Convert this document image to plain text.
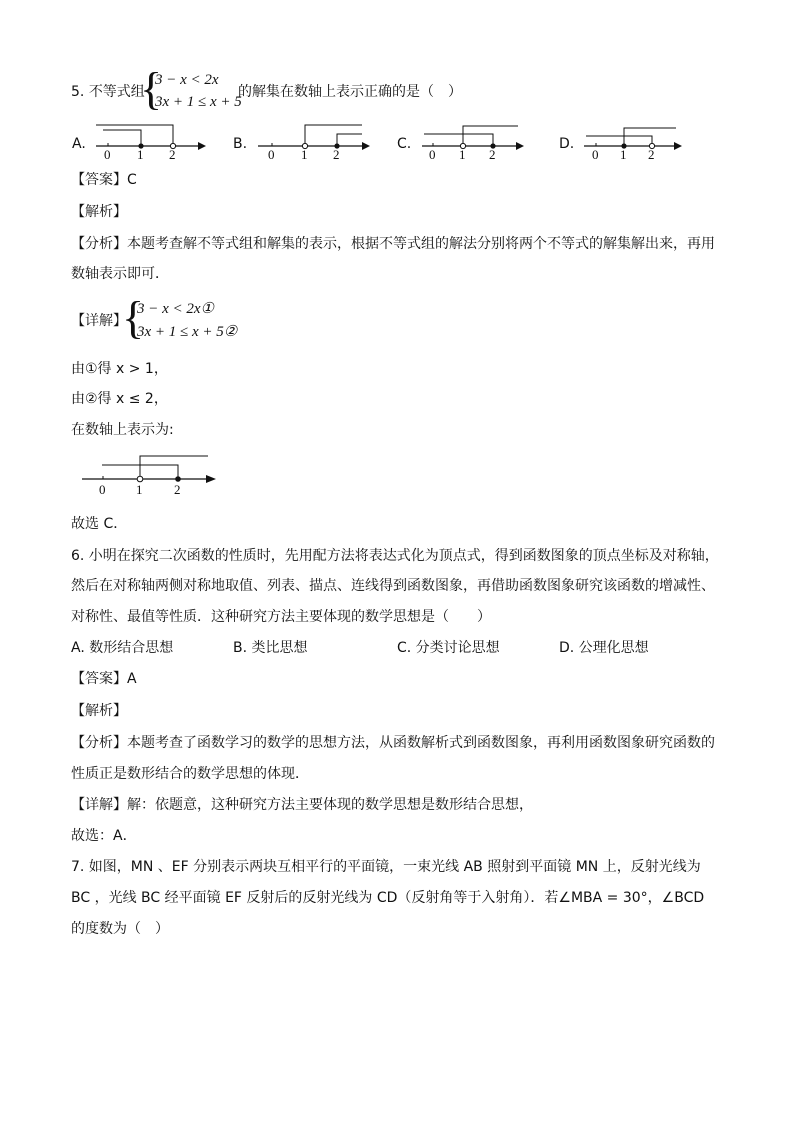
5. 不等式组
{
3 − x < 2x
3x + 1 ≤ x + 5
的解集在数轴上表示正确的是（　）
A.
0 1 2
B.
0 1 2
C.
0 1 2
D.
0 1 2
【答案】C
【解析】
【分析】本题考查解不等式组和解集的表示，根据不等式组的解法分别将两个不等式的解集解出来，再用
数轴表示即可．
【详解】
{
3 − x < 2x①
3x + 1 ≤ x + 5②
由①得 x > 1，
由②得 x ≤ 2，
在数轴上表示为:
0 1 2
故选 C．
6. 小明在探究二次函数的性质时，先用配方法将表达式化为顶点式，得到函数图象的顶点坐标及对称轴，
然后在对称轴两侧对称地取值、列表、描点、连线得到函数图象，再借助函数图象研究该函数的增减性、
对称性、最值等性质．这种研究方法主要体现的数学思想是（　　）
A. 数形结合思想	B. 类比思想	C. 分类讨论思想	D. 公理化思想
【答案】A
【解析】
【分析】本题考查了函数学习的数学的思想方法，从函数解析式到函数图象，再利用函数图象研究函数的
性质正是数形结合的数学思想的体现．
【详解】解：依题意，这种研究方法主要体现的数学思想是数形结合思想，
故选：A．
7. 如图，MN 、EF 分别表示两块互相平行的平面镜，一束光线 AB 照射到平面镜 MN 上，反射光线为
BC ，光线 BC 经平面镜 EF 反射后的反射光线为 CD（反射角等于入射角）．若∠MBA = 30°，∠BCD
的度数为（　）
